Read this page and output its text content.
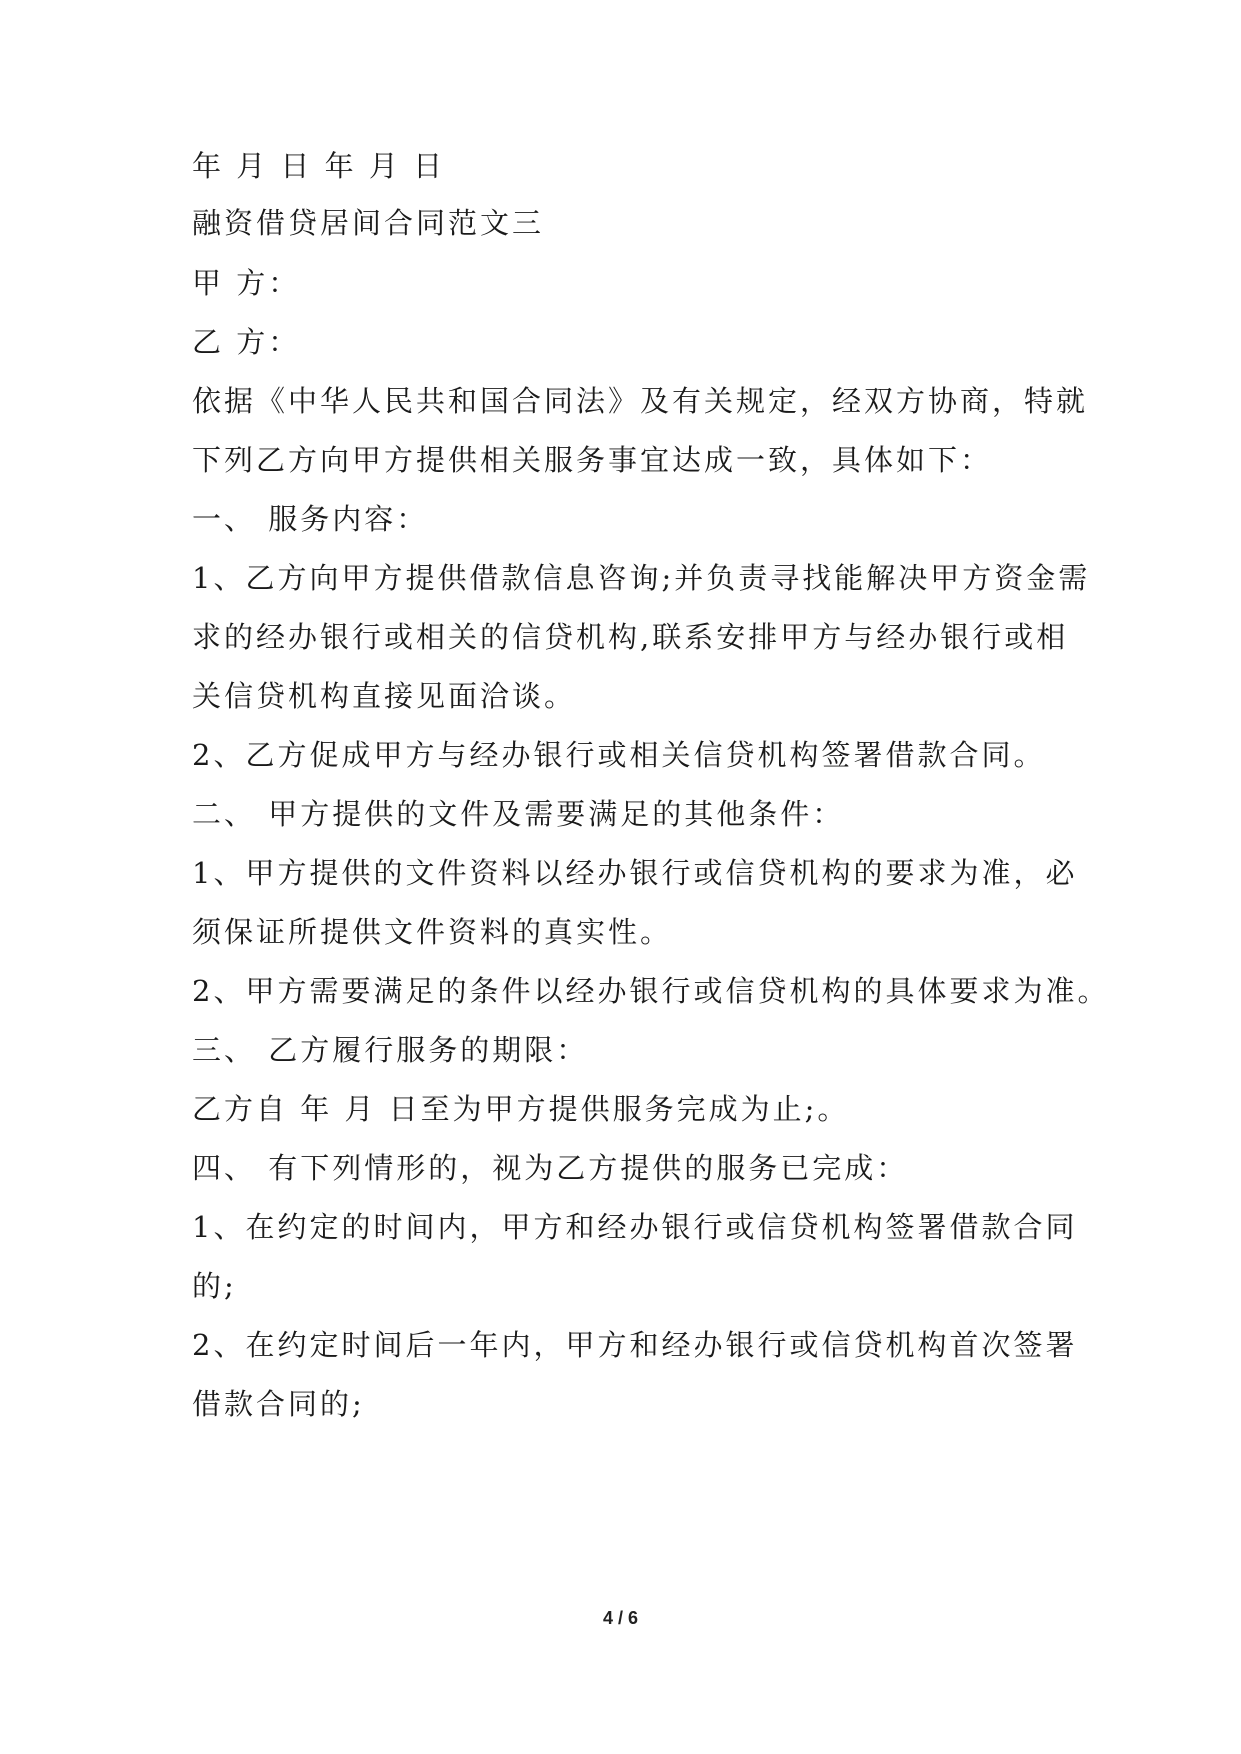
年 月 日 年 月 日

融资借贷居间合同范文三

甲 方：

乙 方：

依据《中华人民共和国合同法》及有关规定，经双方协商，特就

下列乙方向甲方提供相关服务事宜达成一致，具体如下：

一、 服务内容：

1、乙方向甲方提供借款信息咨询;并负责寻找能解决甲方资金需

求的经办银行或相关的信贷机构,联系安排甲方与经办银行或相

关信贷机构直接见面洽谈。

2、乙方促成甲方与经办银行或相关信贷机构签署借款合同。

二、 甲方提供的文件及需要满足的其他条件：

1、甲方提供的文件资料以经办银行或信贷机构的要求为准，必

须保证所提供文件资料的真实性。

2、甲方需要满足的条件以经办银行或信贷机构的具体要求为准。

三、 乙方履行服务的期限：

乙方自 年 月 日至为甲方提供服务完成为止;。

四、 有下列情形的，视为乙方提供的服务已完成：

1、在约定的时间内，甲方和经办银行或信贷机构签署借款合同

的;

2、在约定时间后一年内，甲方和经办银行或信贷机构首次签署

借款合同的;

4 / 6
